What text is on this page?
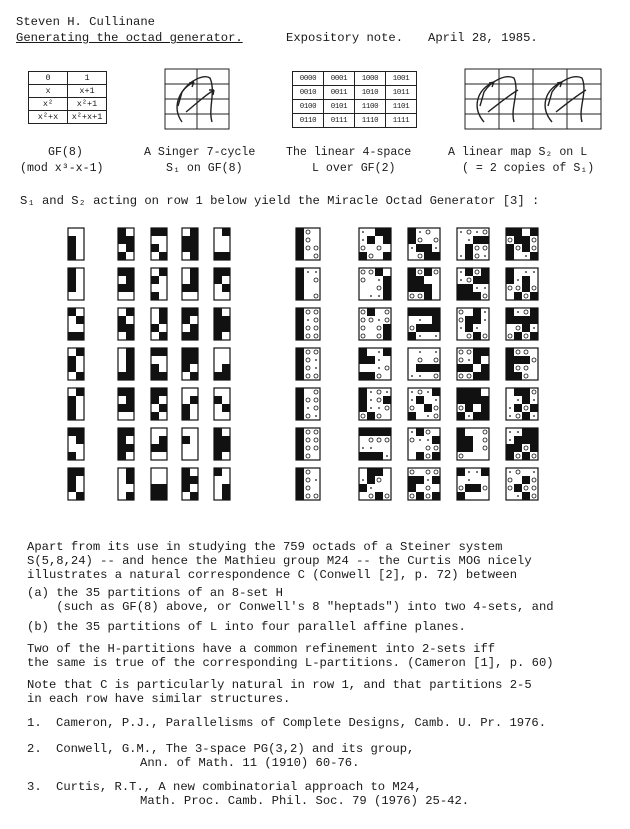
Steven H. Cullinane
Generating the octad generator.	Expository note. April 28, 1985.
0	1
x	x+1
x²	x²+1
x²+x	x²+x+1
GF(8)
(mod x³-x-1)
A Singer 7-cycle
S₁ on GF(8)
0000	0001	1000	1001
0010	0011	1010	1011
0100	0101	1100	1101
0110	0111	1110	1111
The linear 4-space
L over GF(2)
A linear map S₂ on L
( = 2 copies of S₁)
S₁ and S₂ acting on row 1 below yield the Miracle Octad Generator [3] :
Apart from its use in studying the 759 octads of a Steiner system
S(5,8,24) -- and hence the Mathieu group M24 -- the Curtis MOG nicely
illustrates a natural correspondence C (Conwell [2], p. 72) between
(a) the 35 partitions of an 8-set H
(such as GF(8) above, or Conwell's 8 "heptads") into two 4-sets, and
(b) the 35 partitions of L into four parallel affine planes.
Two of the H-partitions have a common refinement into 2-sets iff
the same is true of the corresponding L-partitions. (Cameron [1], p. 60)
Note that C is particularly natural in row 1, and that partitions 2-5
in each row have similar structures.
1. Cameron, P.J., Parallelisms of Complete Designs, Camb. U. Pr. 1976.
2. Conwell, G.M., The 3-space PG(3,2) and its group,
Ann. of Math. 11 (1910) 60-76.
3. Curtis, R.T., A new combinatorial approach to M24,
Math. Proc. Camb. Phil. Soc. 79 (1976) 25-42.
